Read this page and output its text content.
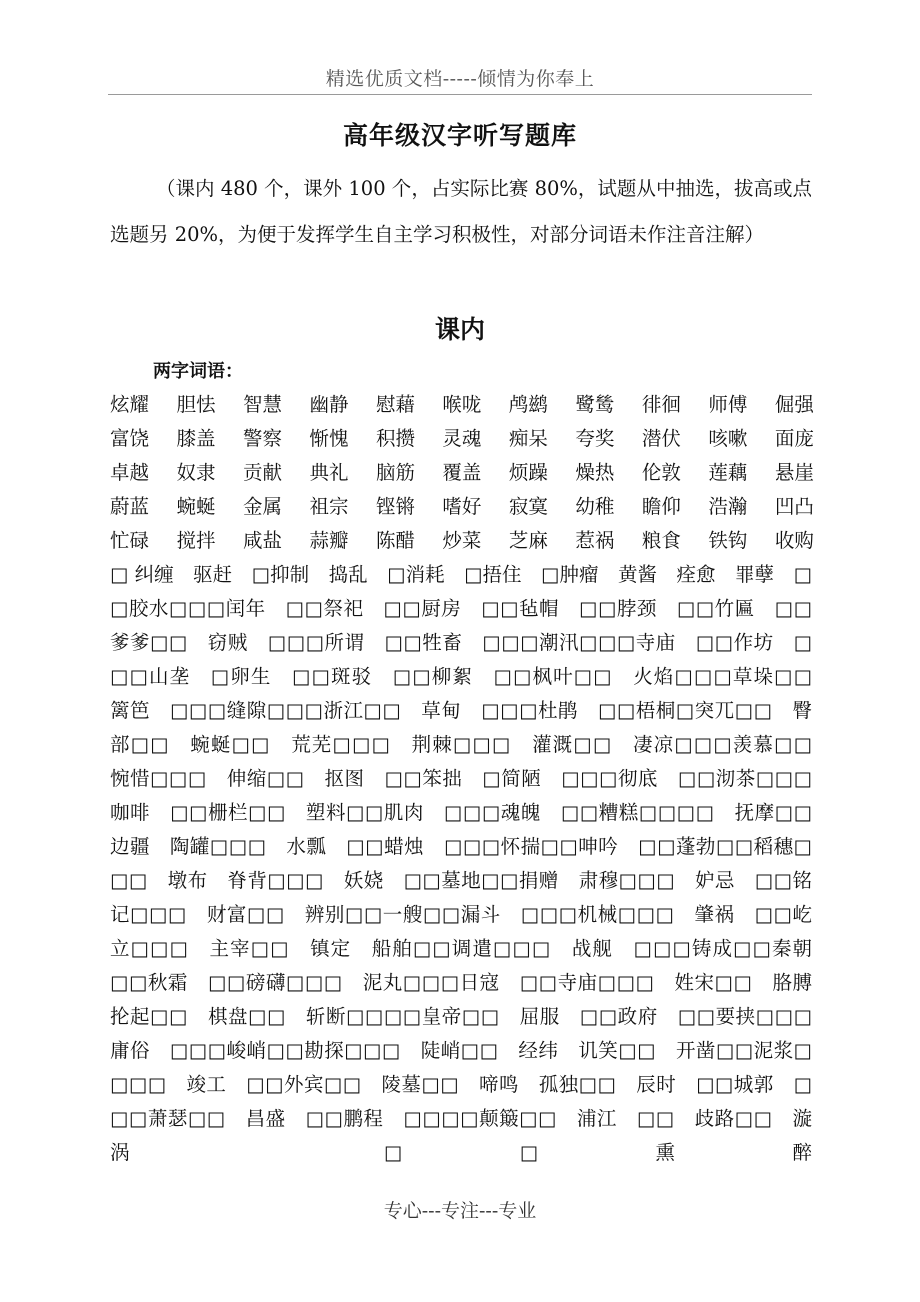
精选优质文档-----倾情为你奉上
高年级汉字听写题库

（课内 480 个，课外 100 个，占实际比赛 80%，试题从中抽选，拔高或点选题另 20%，为便于发挥学生自主学习积极性，对部分词语未作注音注解）

课内
两字词语：
炫耀 胆怯 智慧 幽静 慰藉 喉咙 鸬鹚 鹭鸶 徘徊 师傅 倔强
富饶 膝盖 警察 惭愧 积攒 灵魂 痴呆 夸奖 潜伏 咳嗽 面庞
卓越 奴隶 贡献 典礼 脑筋 覆盖 烦躁 燥热 伦敦 莲藕 悬崖
蔚蓝 蜿蜒 金属 祖宗 铿锵 嗜好 寂寞 幼稚 瞻仰 浩瀚 凹凸
忙碌 搅拌 咸盐 蒜瓣 陈醋 炒菜 芝麻 惹祸 粮食 铁钩 收购

□ 纠缠　驱赶　□抑制　捣乱　□消耗　□捂住　□肿瘤　黄酱　痊愈　罪孽　□□胶水□□□闰年　□□祭祀　□□厨房　□□毡帽　□□脖颈　□□竹匾　□□爹爹□□　窃贼　□□□所谓　□□牲畜　□□□潮汛□□□寺庙　□□作坊　□□□山垄　□卵生　□□斑驳　□□柳絮　□□枫叶□□　火焰□□□草垛□□　篱笆　□□□缝隙□□□浙江□□　草甸　□□□杜鹃　□□梧桐□突兀□□　臀部□□　蜿蜒□□　荒芜□□□　荆棘□□□　灌溉□□　凄凉□□□羡慕□□　惋惜□□□　伸缩□□　抠图　□□笨拙　□简陋　□□□彻底　□□沏茶□□□　咖啡　□□栅栏□□　塑料□□肌肉　□□□魂魄　□□糟糕□□□□　抚摩□□　边疆　陶罐□□□　水瓢　□□蜡烛　□□□怀揣□□呻吟　□□蓬勃□□稻穗□□□　墩布　脊背□□□　妖娆　□□墓地□□捐赠　肃穆□□□　妒忌　□□铭记□□□　财富□□　辨别□□一艘□□漏斗　□□□机械□□□　肇祸　□□屹立□□□　主宰□□　镇定　船舶□□调遣□□□　战舰　□□□铸成□□秦朝　□□秋霜　□□磅礴□□□　泥丸□□□日寇　□□寺庙□□□　姓宋□□　胳膊　抡起□□　棋盘□□　斩断□□□□皇帝□□　屈服　□□政府　□□要挟□□□　庸俗　□□□峻峭□□勘探□□□　陡峭□□　经纬　讥笑□□　开凿□□泥浆□□□□　竣工　□□外宾□□　陵墓□□　啼鸣　孤独□□　辰时　□□城郭　□□□萧瑟□□　昌盛　□□鹏程　□□□□颠簸□□　浦江　□□　歧路□□　漩涡　□□熏醉

专心---专注---专业
